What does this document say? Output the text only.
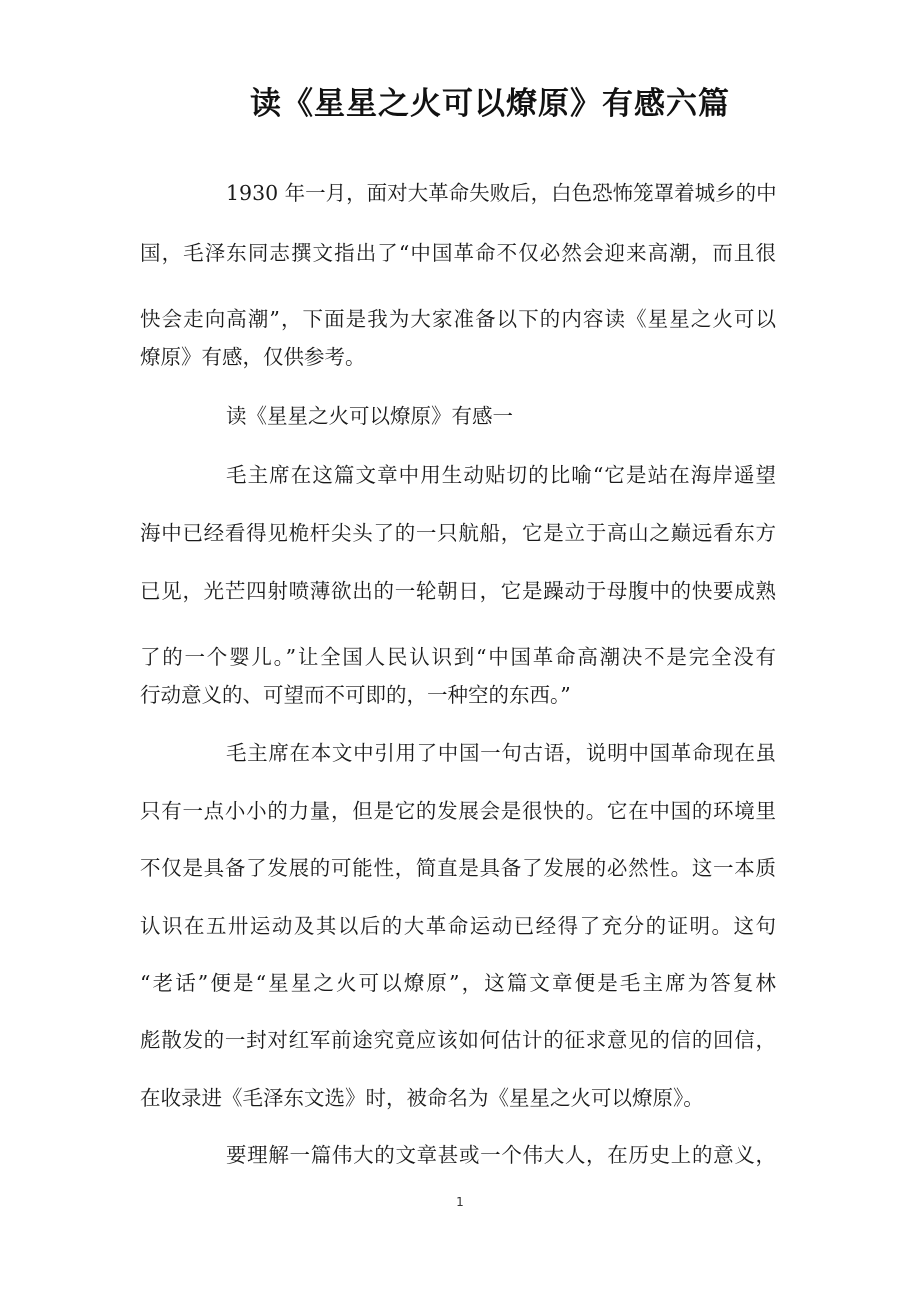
读《星星之火可以燎原》有感六篇

1930 年一月，面对大革命失败后，白色恐怖笼罩着城乡的中

国，毛泽东同志撰文指出了“中国革命不仅必然会迎来高潮，而且很

快会走向高潮”，下面是我为大家准备以下的内容读《星星之火可以

燎原》有感，仅供参考。

读《星星之火可以燎原》有感一

毛主席在这篇文章中用生动贴切的比喻“它是站在海岸遥望

海中已经看得见桅杆尖头了的一只航船，它是立于高山之巅远看东方

已见，光芒四射喷薄欲出的一轮朝日，它是躁动于母腹中的快要成熟

了的一个婴儿。”让全国人民认识到“中国革命高潮决不是完全没有

行动意义的、可望而不可即的，一种空的东西。”

毛主席在本文中引用了中国一句古语，说明中国革命现在虽

只有一点小小的力量，但是它的发展会是很快的。它在中国的环境里

不仅是具备了发展的可能性，简直是具备了发展的必然性。这一本质

认识在五卅运动及其以后的大革命运动已经得了充分的证明。这句

“老话”便是“星星之火可以燎原”，这篇文章便是毛主席为答复林

彪散发的一封对红军前途究竟应该如何估计的征求意见的信的回信，

在收录进《毛泽东文选》时，被命名为《星星之火可以燎原》。

要理解一篇伟大的文章甚或一个伟大人，在历史上的意义，

1
